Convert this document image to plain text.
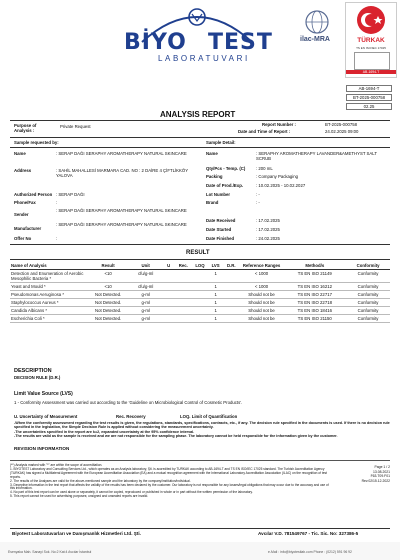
BİYO TEST
LABORATUVARI
ilac-MRA	TÜRKAK
TS EN ISO/IEC 17025
AB-1694-T
AB-1694-T
BT-2025-000758
02.25
ANALYSIS REPORT
Purpose of Analysis :
Private Request	Report Number :	BT-2025-000758
Date and Time of Report :	24.02.2025 09:00
Sample requested by:	Sample Detail:
Name	: SERAP DAĞI SERAPHY AROMATHERAPY NATURAL SKINCARE
Address	: SAHİL MAHALLESİ MARMARA CAD. NO : 2 DAİRE 4 ÇİFTLİKKÖY YALOVA
Authorized Person : SERAP DAĞI
Phone/Fax	:
Sender
: SERAP DAĞI SERAPHY AROMATHERAPY NATURAL SKINCARE
Manufacturer
: SERAP DAĞI SERAPHY AROMATHERAPY NATURAL SKINCARE
Offer No	:
Name	: SERAPHY AROMATHERAPY LAVANDER&AMETHYST SALT SCRUB
Qty/Pcs - Temp. (C) : 200 mL
Packing	: Company Packaging
Date of Prod./Exp.	: 10.02.2025 - 10.02.2027
Lot Number	: -
Brand	: -
Date Received	: 17.02.2025
Date Started	: 17.02.2025
Date Finished	: 24.02.2025
RESULT
Name of Analysis	Result	Unit	U	Rec.	LOQ	LVS	D.R.	Reference Ranges	Method/s	Conformity
Detection and Enumeration of Aerobic Mesophilic Bacteria *	<10	cfu/g-ml				1		< 1000	TS EN ISO 21149	Conformity
Yeast and Mould *	<10	cfu/g-ml				1		< 1000	TS EN ISO 16212	Conformity
Pseudomonas Aeruginosa *	Not Detected.	g-ml				1		Should not be	TS EN ISO 22717	Conformity
Staphylococcus Aureus *	Not Detected.	g-ml				1		Should not be	TS EN ISO 22718	Conformity
Candida Albicans *	Not Detected.	g-ml				1		Should not be	TS EN ISO 18416	Conformity
Escherichia Coli *	Not Detected.	g-ml				1		Should not be	TS EN ISO 21150	Conformity
DESCRIPTION
DECISION RULE (D.R.)
Limit Value Source (LVS)
1 - Conformity Assessment was carried out according to the 'Guideline on Microbiological Control of Cosmetic Products'.
U. Uncertainty of Measurement	Rec. Recovery	LOQ. Limit of Quantification
-When the conformity assessment regarding the test results is given, the regulations, standards, specifications, contracts, etc., if any. The decision rule specified in the documents is used. If there is no decision rule specified in the legislation, the Simple Decision Rule is applied without considering the measurement uncertainty.
-The uncertainties specified in the report are k=2, expanded uncertainty at the 95% confidence interval.
-The results are valid as the sample is received and we are not responsible for the sampling phase. The laboratory cannot be held responsible for the information given by the customer.
REVISION INFORMATION
(**) Analysis marked with "*" are within the scope of accreditation.
1. BIYOTEST Laboratory and Consulting Services Ltd., which operates as an Analysis laboratory, Şti. is accredited by TURKAK according to AB-1694-T and TS EN ISO/IEC 17025 standard. The Turkish Accreditation Agency (TURKAK) has signed a Multilateral Agreement with the European Accreditation Association (EA) and a mutual recognition agreement with the International Laboratory Accreditation Association (ILAC) on the recognition of test reports.
2. The results of the Analyses are valid for the above-mentioned sample and the laboratory by the company/institution/individual.
3. Deceptive information in the test report that affects the validity of the results has been declared by the customer. Our laboratory is not responsible for any losses/legal obligations that may occur due to the accuracy and use of this information.
4. No part of this test report can be used alone or separately, it cannot be copied, reproduced or published in whole or in part without the written permission of the laboratory.
5. This report cannot be used for advertising purposes; unsigned and unsealed reports are invalid.
Page 1 / 2
13.08.2021
F63.T09.F01
Rev.02/15.12.2022
Biyotest Laboratuvarları ve Danışmanlık Hizmetleri Ltd. Şti.	Avcılar V.D. 781549767 - Tic. Sic. No: 327386-5
Esenyaka Mah. Sanayi Sok. No:2 Kat:4 Avcılar İstanbul	e-Mail : info@biyotestlab.com Phone : (0212) 591 96 92
